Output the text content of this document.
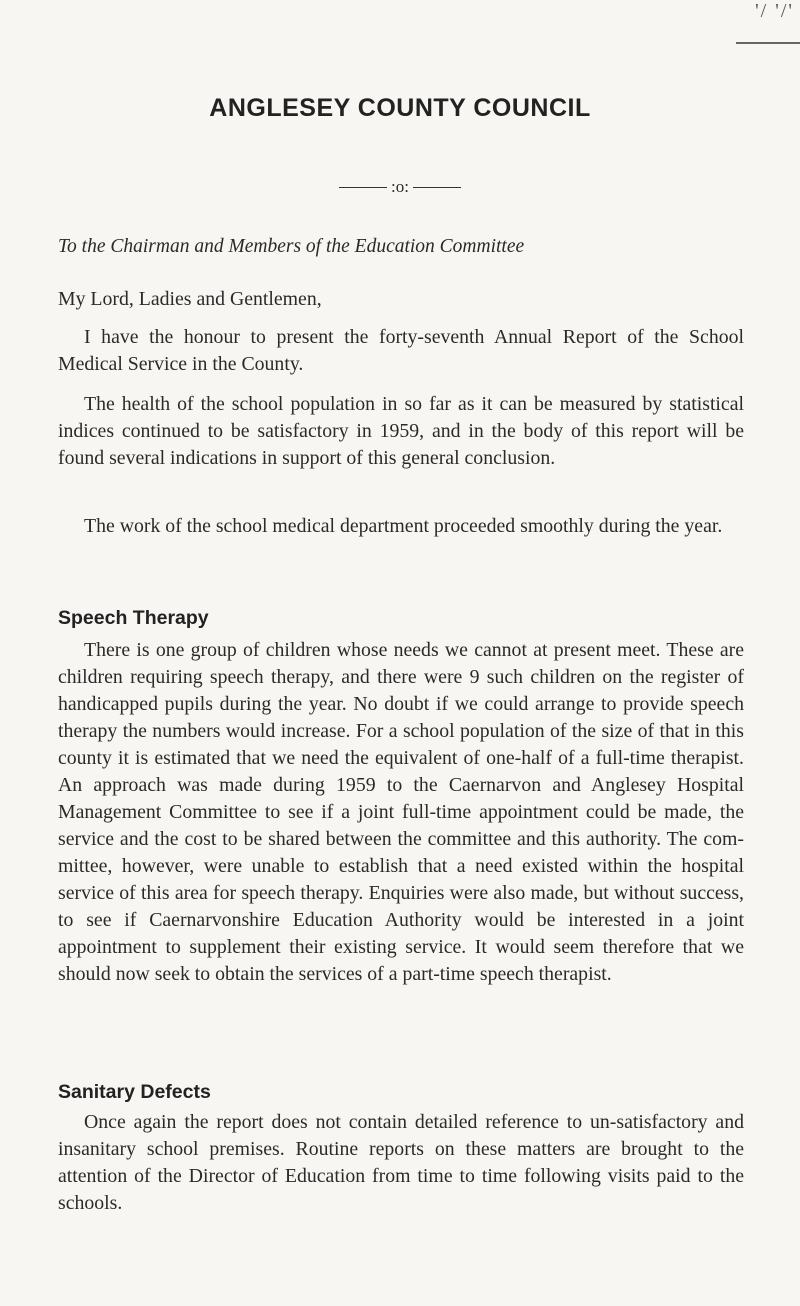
'/ '/'
ANGLESEY COUNTY COUNCIL
:o:
To the Chairman and Members of the Education Committee
My Lord, Ladies and Gentlemen,
I have the honour to present the forty-seventh Annual Report of the School Medical Service in the County.
The health of the school population in so far as it can be measured by statistical indices continued to be satisfactory in 1959, and in the body of this report will be found several indications in support of this general conclusion.
The work of the school medical department proceeded smoothly during the year.
Speech Therapy
There is one group of children whose needs we cannot at present meet. These are children requiring speech therapy, and there were 9 such children on the register of handicapped pupils during the year. No doubt if we could arrange to provide speech therapy the numbers would increase. For a school population of the size of that in this county it is estimated that we need the equivalent of one-half of a full-time therapist. An approach was made during 1959 to the Caernarvon and Anglesey Hospital Management Committee to see if a joint full-time appointment could be made, the service and the cost to be shared between the committee and this authority. The com-mittee, however, were unable to establish that a need existed within the hospital service of this area for speech therapy. Enquiries were also made, but without success, to see if Caernarvonshire Education Authority would be interested in a joint appointment to supplement their existing service. It would seem therefore that we should now seek to obtain the services of a part-time speech therapist.
Sanitary Defects
Once again the report does not contain detailed reference to un-satisfactory and insanitary school premises. Routine reports on these matters are brought to the attention of the Director of Education from time to time following visits paid to the schools.
